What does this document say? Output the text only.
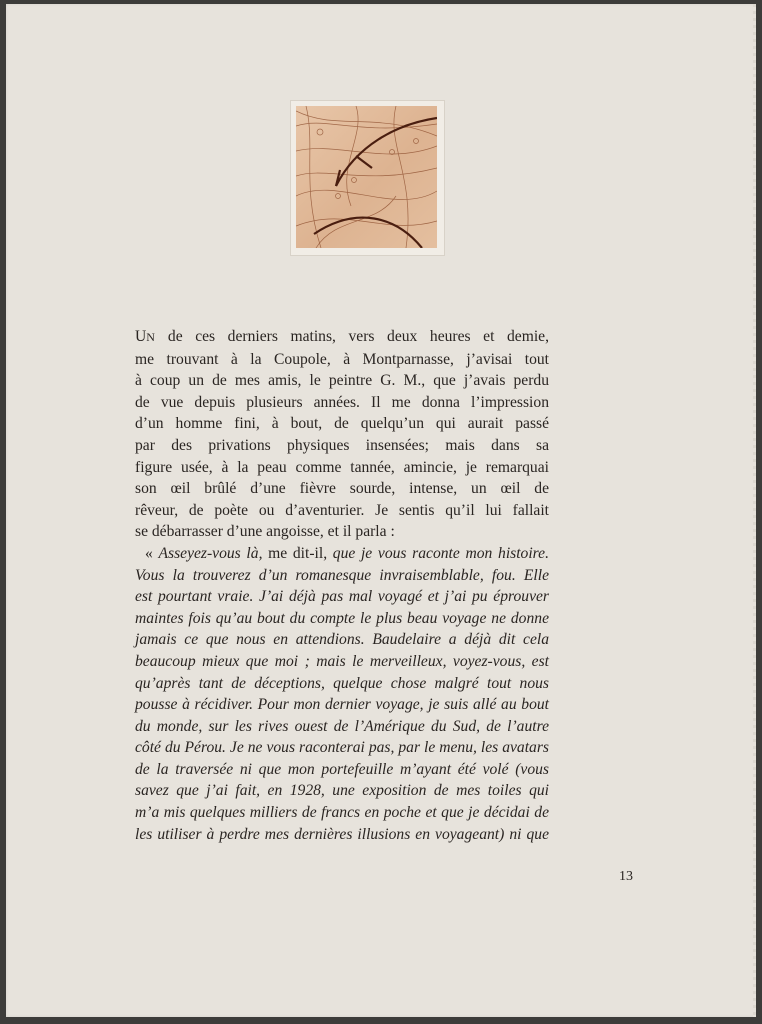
UN de ces derniers matins, vers deux heures et demie,
me trouvant à la Coupole, à Montparnasse, j’avisai tout
à coup un de mes amis, le peintre G. M., que j’avais perdu
de vue depuis plusieurs années. Il me donna l’impression
d’un homme fini, à bout, de quelqu’un qui aurait passé
par des privations physiques insensées; mais dans sa
figure usée, à la peau comme tannée, amincie, je remarquai
son œil brûlé d’une fièvre sourde, intense, un œil de
rêveur, de poète ou d’aventurier. Je sentis qu’il lui fallait
se débarrasser d’une angoisse, et il parla :
« Asseyez-vous là, me dit-il, que je vous raconte mon histoire.
Vous la trouverez d’un romanesque invraisemblable, fou. Elle
est pourtant vraie. J’ai déjà pas mal voyagé et j’ai pu éprouver
maintes fois qu’au bout du compte le plus beau voyage ne donne
jamais ce que nous en attendions. Baudelaire a déjà dit cela
beaucoup mieux que moi ; mais le merveilleux, voyez-vous, est
qu’après tant de déceptions, quelque chose malgré tout nous
pousse à récidiver. Pour mon dernier voyage, je suis allé au bout
du monde, sur les rives ouest de l’Amérique du Sud, de l’autre
côté du Pérou. Je ne vous raconterai pas, par le menu, les avatars
de la traversée ni que mon portefeuille m’ayant été volé (vous
savez que j’ai fait, en 1928, une exposition de mes toiles qui
m’a mis quelques milliers de francs en poche et que je décidai de
les utiliser à perdre mes dernières illusions en voyageant) ni que
13
